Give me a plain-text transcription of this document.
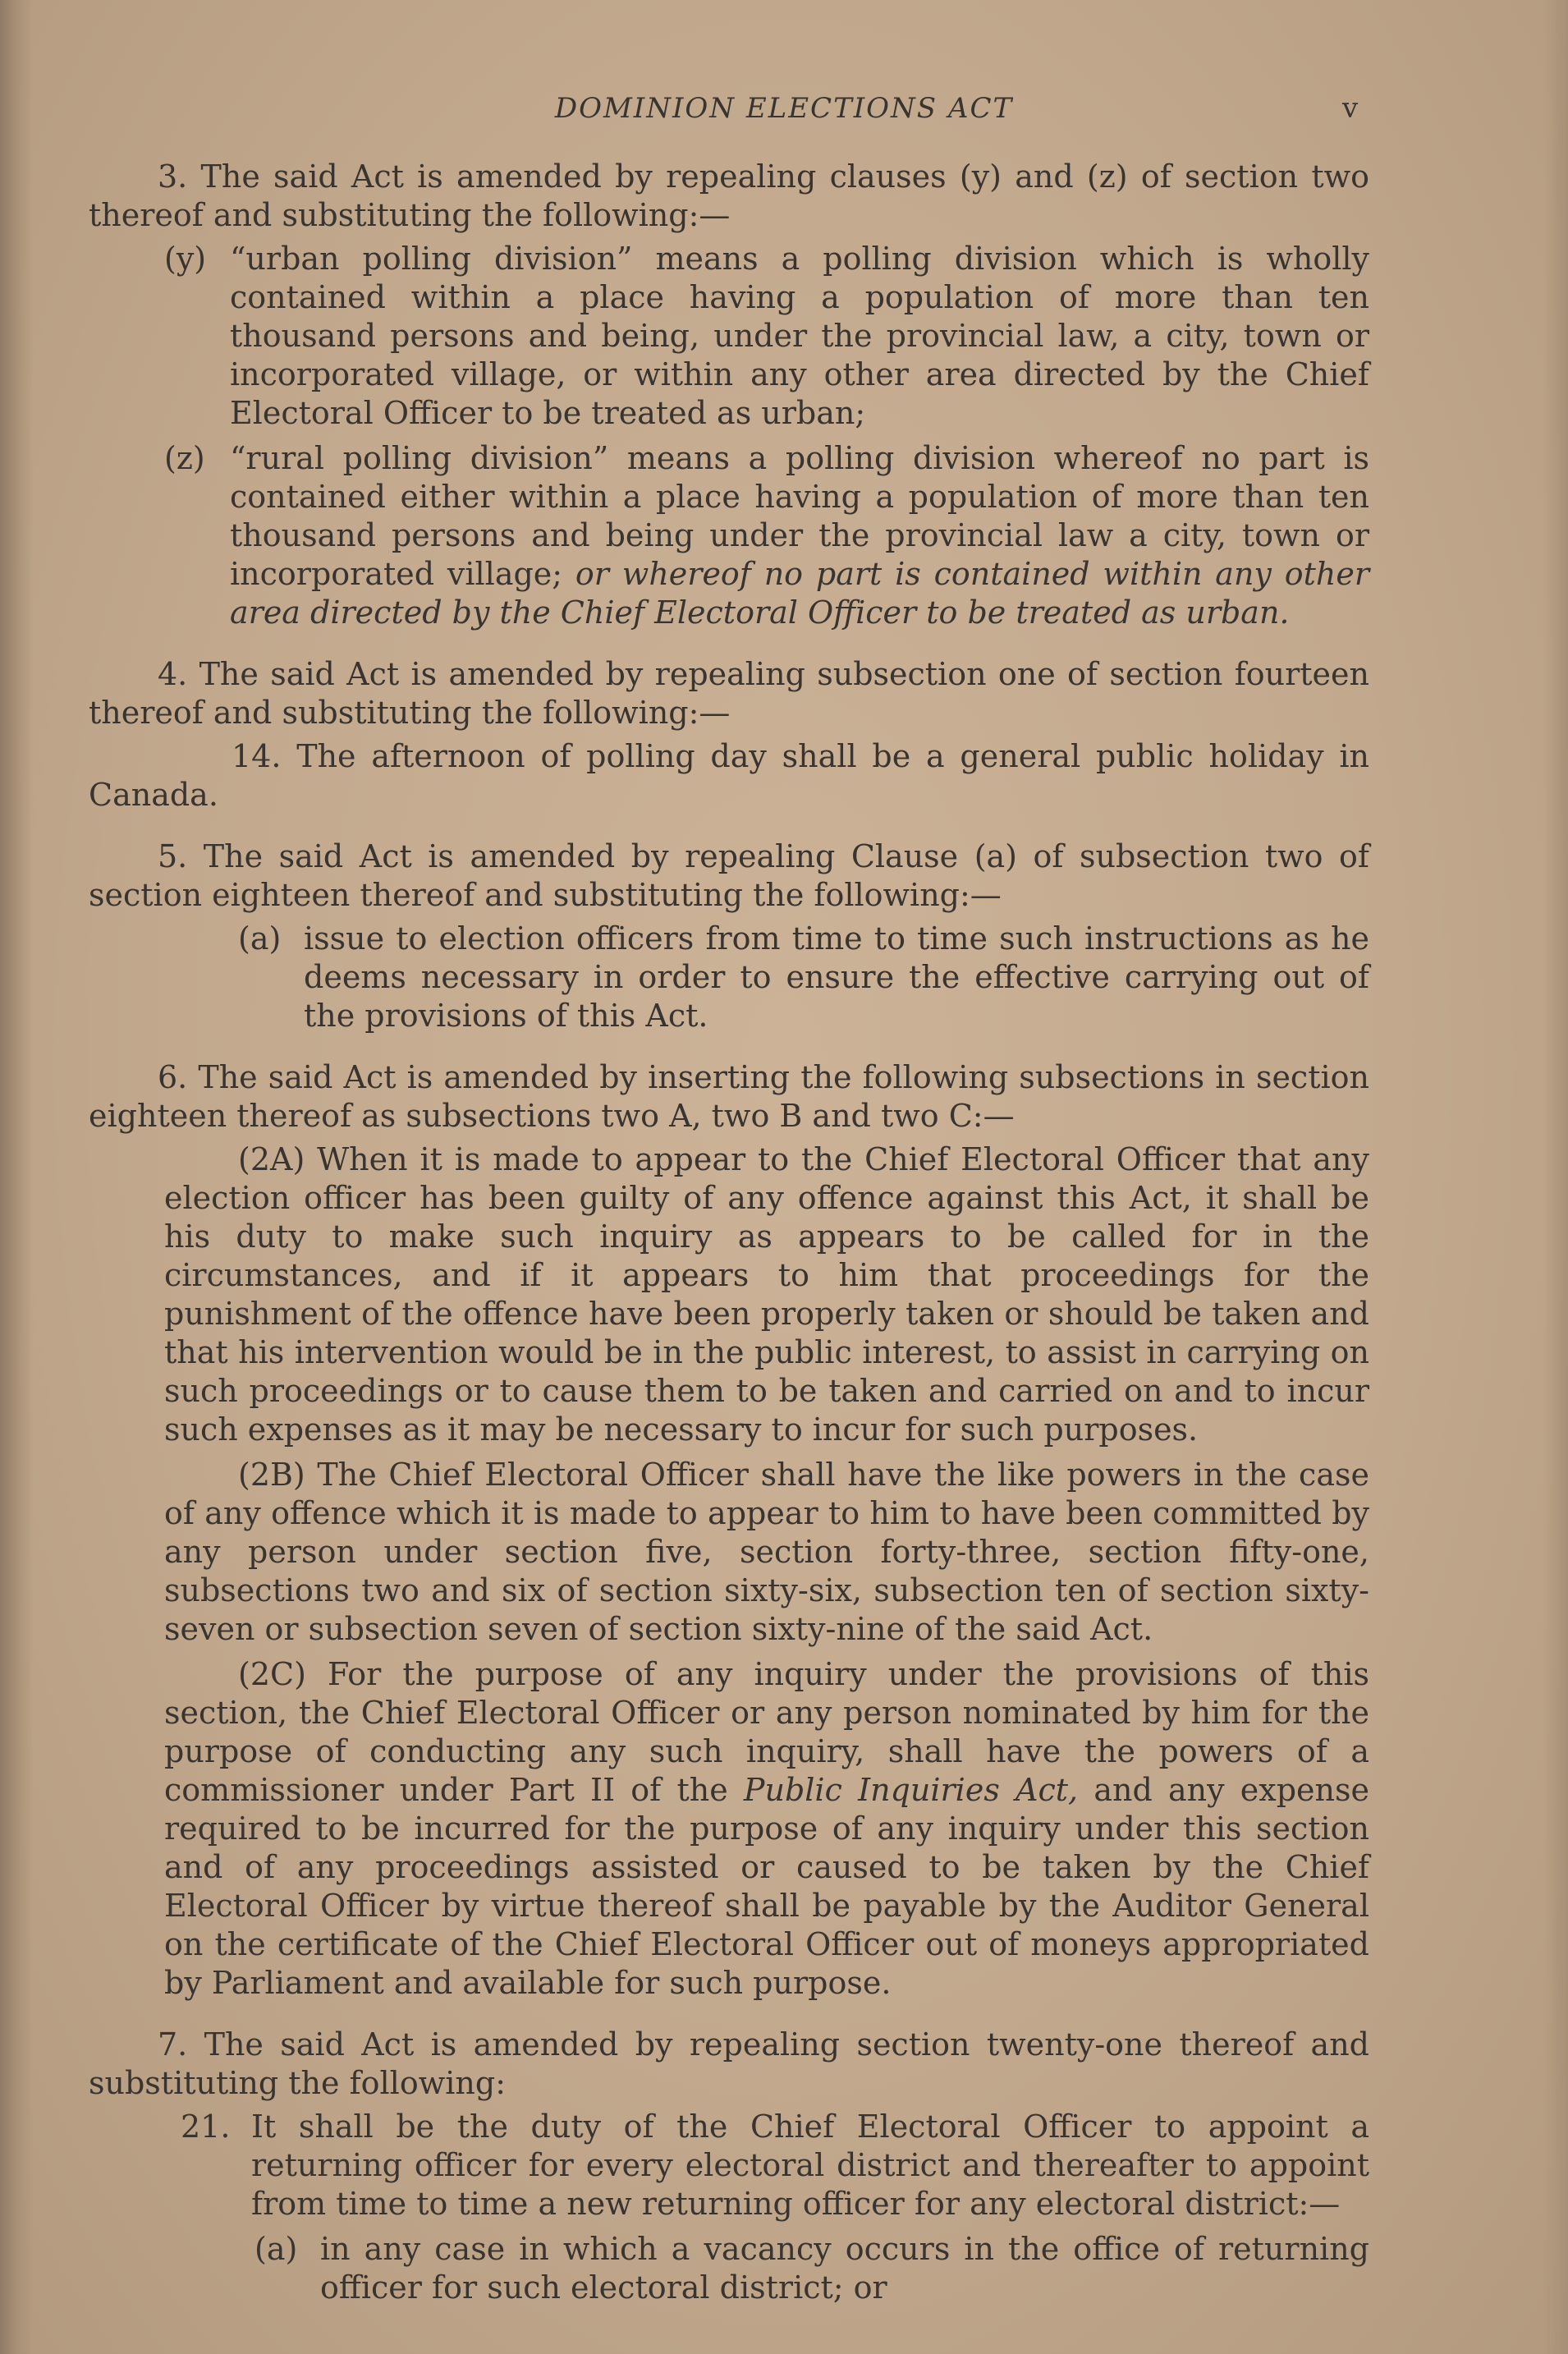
DOMINION ELECTIONS ACT	v

3. The said Act is amended by repealing clauses (y) and (z) of section two thereof and substituting the following:—

(y) “urban polling division” means a polling division which is wholly contained within a place having a population of more than ten thousand persons and being, under the provincial law, a city, town or incorporated village, or within any other area directed by the Chief Electoral Officer to be treated as urban;
(z) “rural polling division” means a polling division whereof no part is contained either within a place having a population of more than ten thousand persons and being under the provincial law a city, town or incorporated village; or whereof no part is contained within any other area directed by the Chief Electoral Officer to be treated as urban.

4. The said Act is amended by repealing subsection one of section fourteen thereof and substituting the following:—

14. The afternoon of polling day shall be a general public holiday in Canada.

5. The said Act is amended by repealing Clause (a) of subsection two of section eighteen thereof and substituting the following:—

(a) issue to election officers from time to time such instructions as he deems necessary in order to ensure the effective carrying out of the provisions of this Act.

6. The said Act is amended by inserting the following subsections in section eighteen thereof as subsections two A, two B and two C:—

(2A) When it is made to appear to the Chief Electoral Officer that any election officer has been guilty of any offence against this Act, it shall be his duty to make such inquiry as appears to be called for in the circumstances, and if it appears to him that proceedings for the punishment of the offence have been properly taken or should be taken and that his intervention would be in the public interest, to assist in carrying on such proceedings or to cause them to be taken and carried on and to incur such expenses as it may be necessary to incur for such purposes.

(2B) The Chief Electoral Officer shall have the like powers in the case of any offence which it is made to appear to him to have been committed by any person under section five, section forty-three, section fifty-one, subsections two and six of section sixty-six, subsection ten of section sixty-seven or subsection seven of section sixty-nine of the said Act.

(2C) For the purpose of any inquiry under the provisions of this section, the Chief Electoral Officer or any person nominated by him for the purpose of conducting any such inquiry, shall have the powers of a commissioner under Part II of the Public Inquiries Act, and any expense required to be incurred for the purpose of any inquiry under this section and of any proceedings assisted or caused to be taken by the Chief Electoral Officer by virtue thereof shall be payable by the Auditor General on the certificate of the Chief Electoral Officer out of moneys appropriated by Parliament and available for such purpose.

7. The said Act is amended by repealing section twenty-one thereof and substituting the following:

21. It shall be the duty of the Chief Electoral Officer to appoint a returning officer for every electoral district and thereafter to appoint from time to time a new returning officer for any electoral district:—
(a) in any case in which a vacancy occurs in the office of returning officer for such electoral district; or
